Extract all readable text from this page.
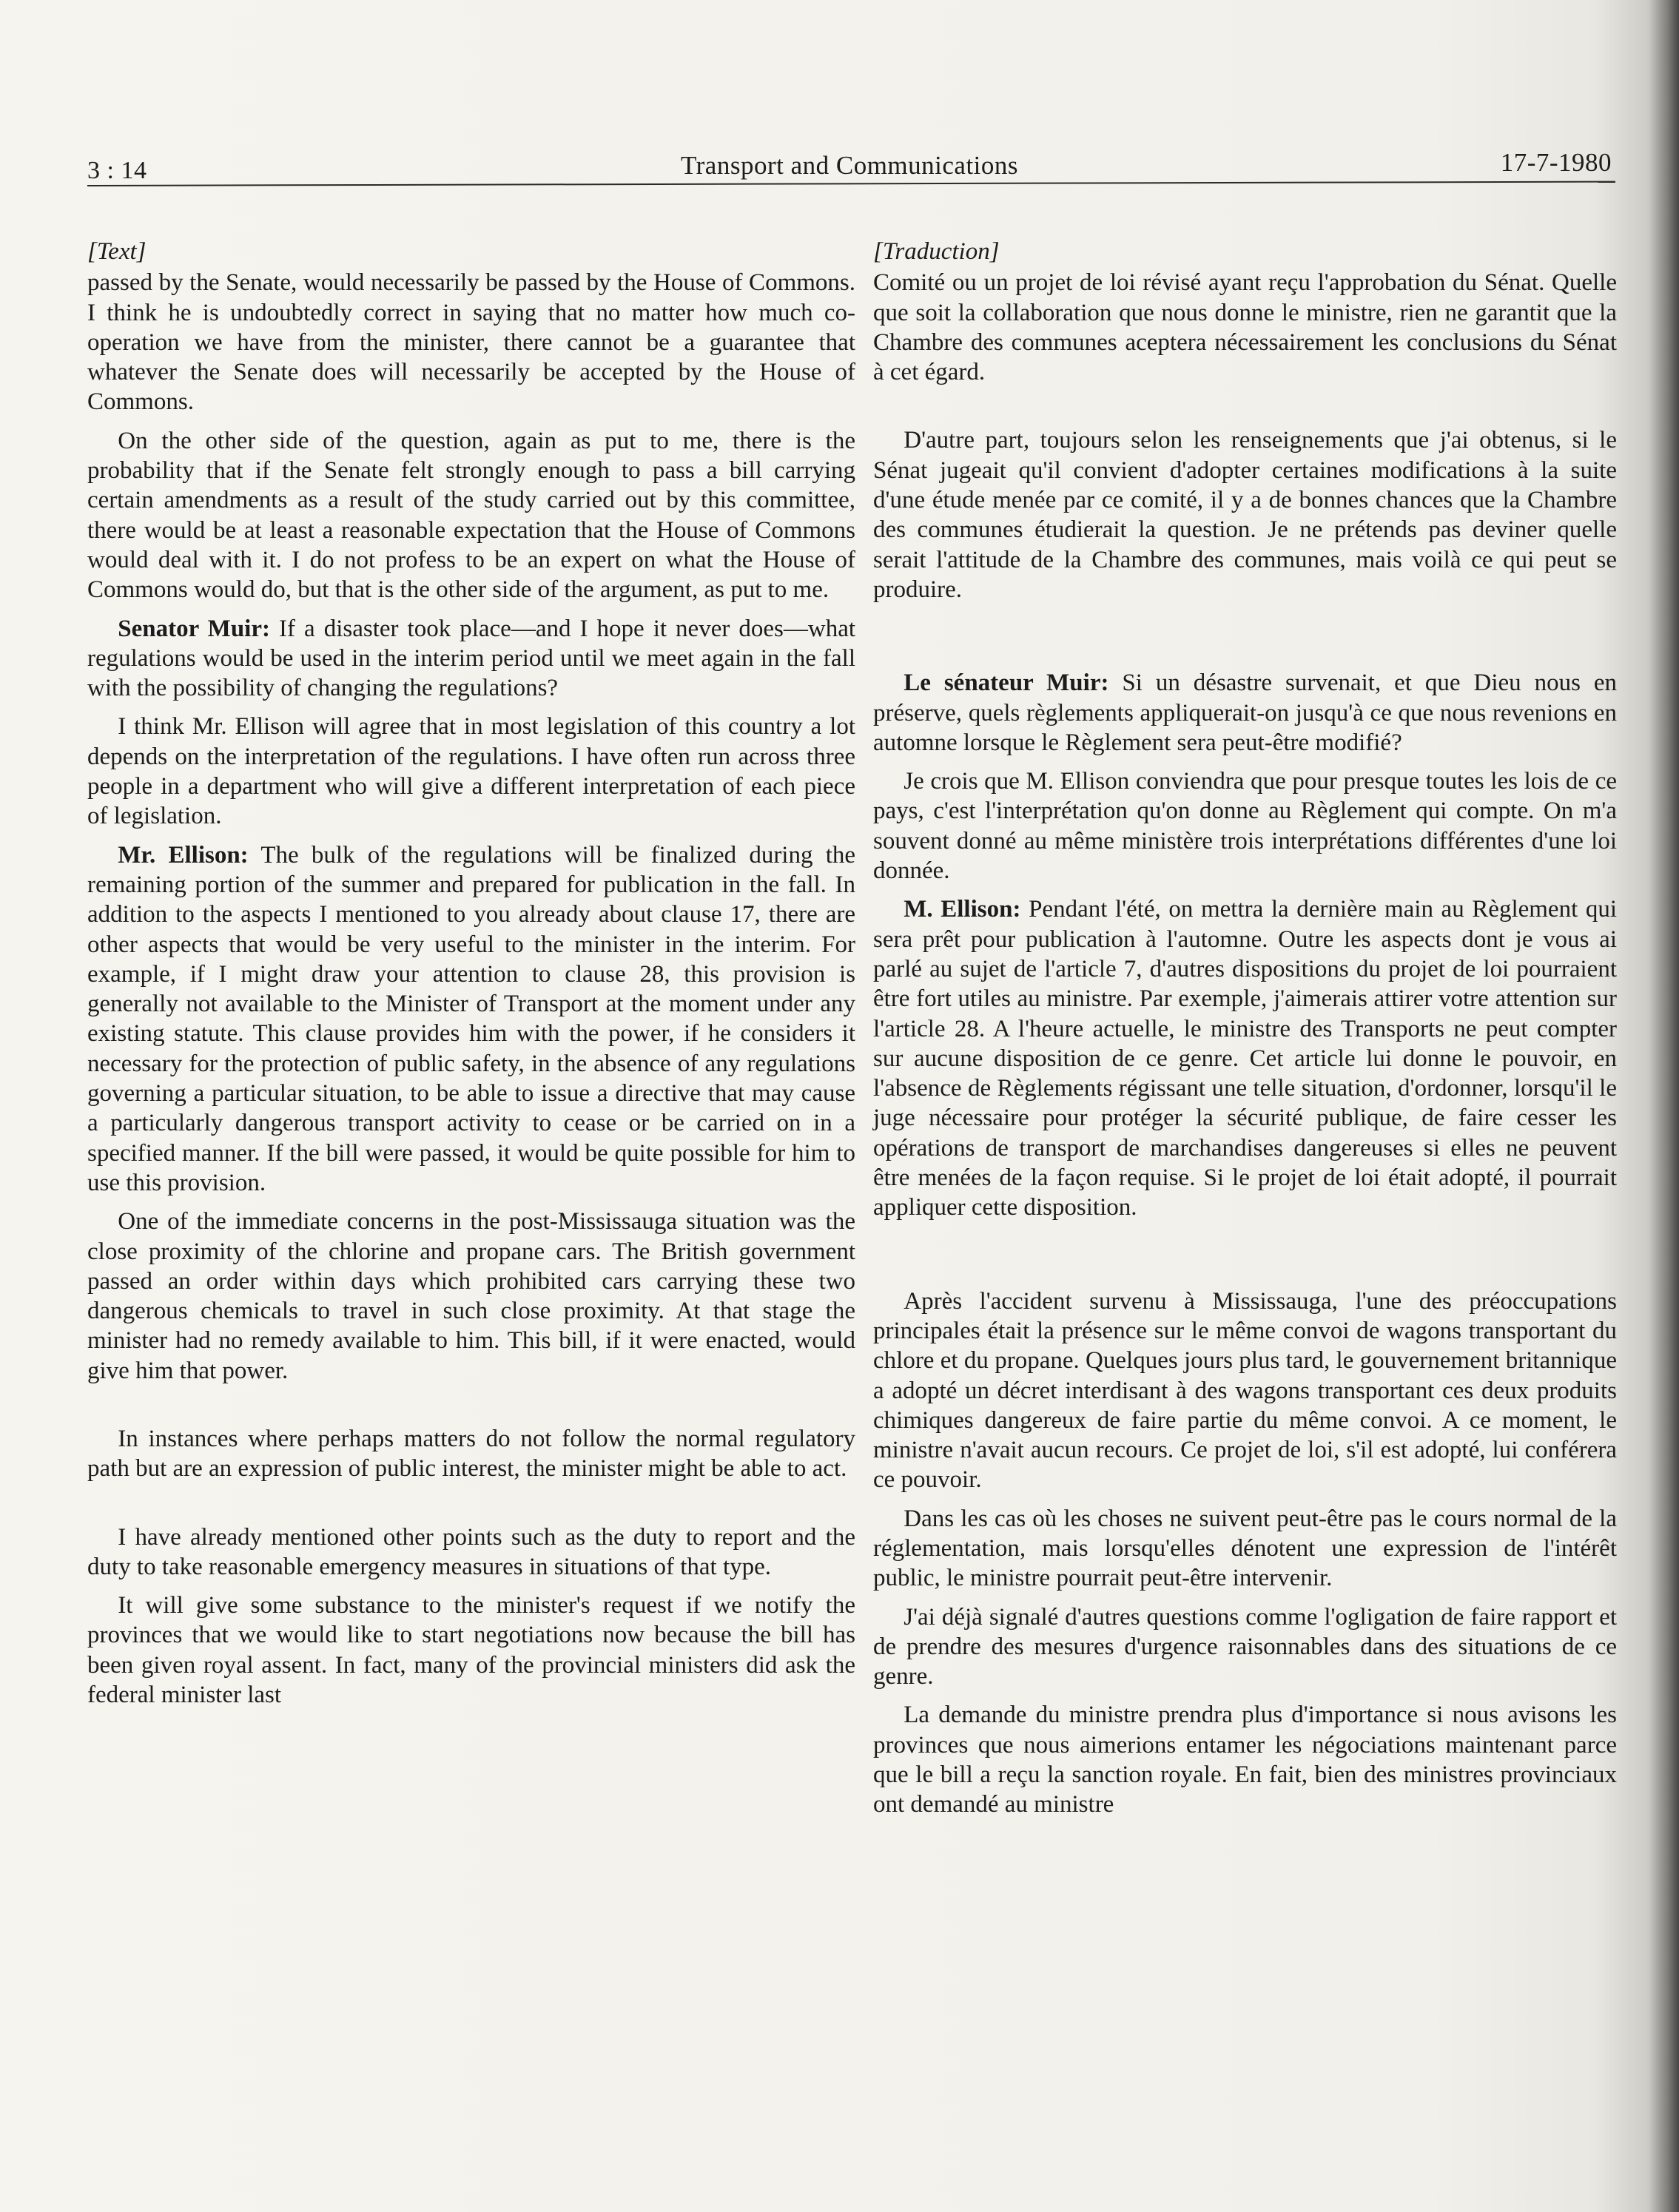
3 : 14	Transport and Communications	17-7-1980

[Text]

passed by the Senate, would necessarily be passed by the House of Commons. I think he is undoubtedly correct in saying that no matter how much co-operation we have from the minister, there cannot be a guarantee that whatever the Senate does will necessarily be accepted by the House of Commons.

On the other side of the question, again as put to me, there is the probability that if the Senate felt strongly enough to pass a bill carrying certain amendments as a result of the study carried out by this committee, there would be at least a reasonable expectation that the House of Commons would deal with it. I do not profess to be an expert on what the House of Commons would do, but that is the other side of the argument, as put to me.

Senator Muir: If a disaster took place—and I hope it never does—what regulations would be used in the interim period until we meet again in the fall with the possibility of changing the regulations?

I think Mr. Ellison will agree that in most legislation of this country a lot depends on the interpretation of the regulations. I have often run across three people in a department who will give a different interpretation of each piece of legislation.

Mr. Ellison: The bulk of the regulations will be finalized during the remaining portion of the summer and prepared for publication in the fall. In addition to the aspects I mentioned to you already about clause 17, there are other aspects that would be very useful to the minister in the interim. For example, if I might draw your attention to clause 28, this provision is generally not available to the Minister of Transport at the moment under any existing statute. This clause provides him with the power, if he considers it necessary for the protection of public safety, in the absence of any regulations governing a particular situation, to be able to issue a directive that may cause a particularly dangerous transport activity to cease or be carried on in a specified manner. If the bill were passed, it would be quite possible for him to use this provision.

One of the immediate concerns in the post-Mississauga situation was the close proximity of the chlorine and propane cars. The British government passed an order within days which prohibited cars carrying these two dangerous chemicals to travel in such close proximity. At that stage the minister had no remedy available to him. This bill, if it were enacted, would give him that power.

In instances where perhaps matters do not follow the normal regulatory path but are an expression of public interest, the minister might be able to act.

I have already mentioned other points such as the duty to report and the duty to take reasonable emergency measures in situations of that type.

It will give some substance to the minister's request if we notify the provinces that we would like to start negotiations now because the bill has been given royal assent. In fact, many of the provincial ministers did ask the federal minister last

[Traduction]

Comité ou un projet de loi révisé ayant reçu l'approbation du Sénat. Quelle que soit la collaboration que nous donne le ministre, rien ne garantit que la Chambre des communes aceptera nécessairement les conclusions du Sénat à cet égard.

D'autre part, toujours selon les renseignements que j'ai obtenus, si le Sénat jugeait qu'il convient d'adopter certaines modifications à la suite d'une étude menée par ce comité, il y a de bonnes chances que la Chambre des communes étudierait la question. Je ne prétends pas deviner quelle serait l'attitude de la Chambre des communes, mais voilà ce qui peut se produire.

Le sénateur Muir: Si un désastre survenait, et que Dieu nous en préserve, quels règlements appliquerait-on jusqu'à ce que nous revenions en automne lorsque le Règlement sera peut-être modifié?

Je crois que M. Ellison conviendra que pour presque toutes les lois de ce pays, c'est l'interprétation qu'on donne au Règlement qui compte. On m'a souvent donné au même ministère trois interprétations différentes d'une loi donnée.

M. Ellison: Pendant l'été, on mettra la dernière main au Règlement qui sera prêt pour publication à l'automne. Outre les aspects dont je vous ai parlé au sujet de l'article 7, d'autres dispositions du projet de loi pourraient être fort utiles au ministre. Par exemple, j'aimerais attirer votre attention sur l'article 28. A l'heure actuelle, le ministre des Transports ne peut compter sur aucune disposition de ce genre. Cet article lui donne le pouvoir, en l'absence de Règlements régissant une telle situation, d'ordonner, lorsqu'il le juge nécessaire pour protéger la sécurité publique, de faire cesser les opérations de transport de marchandises dangereuses si elles ne peuvent être menées de la façon requise. Si le projet de loi était adopté, il pourrait appliquer cette disposition.

Après l'accident survenu à Mississauga, l'une des préoccupations principales était la présence sur le même convoi de wagons transportant du chlore et du propane. Quelques jours plus tard, le gouvernement britannique a adopté un décret interdisant à des wagons transportant ces deux produits chimiques dangereux de faire partie du même convoi. A ce moment, le ministre n'avait aucun recours. Ce projet de loi, s'il est adopté, lui conférera ce pouvoir.

Dans les cas où les choses ne suivent peut-être pas le cours normal de la réglementation, mais lorsqu'elles dénotent une expression de l'intérêt public, le ministre pourrait peut-être intervenir.

J'ai déjà signalé d'autres questions comme l'ogligation de faire rapport et de prendre des mesures d'urgence raisonnables dans des situations de ce genre.

La demande du ministre prendra plus d'importance si nous avisons les provinces que nous aimerions entamer les négociations maintenant parce que le bill a reçu la sanction royale. En fait, bien des ministres provinciaux ont demandé au ministre
